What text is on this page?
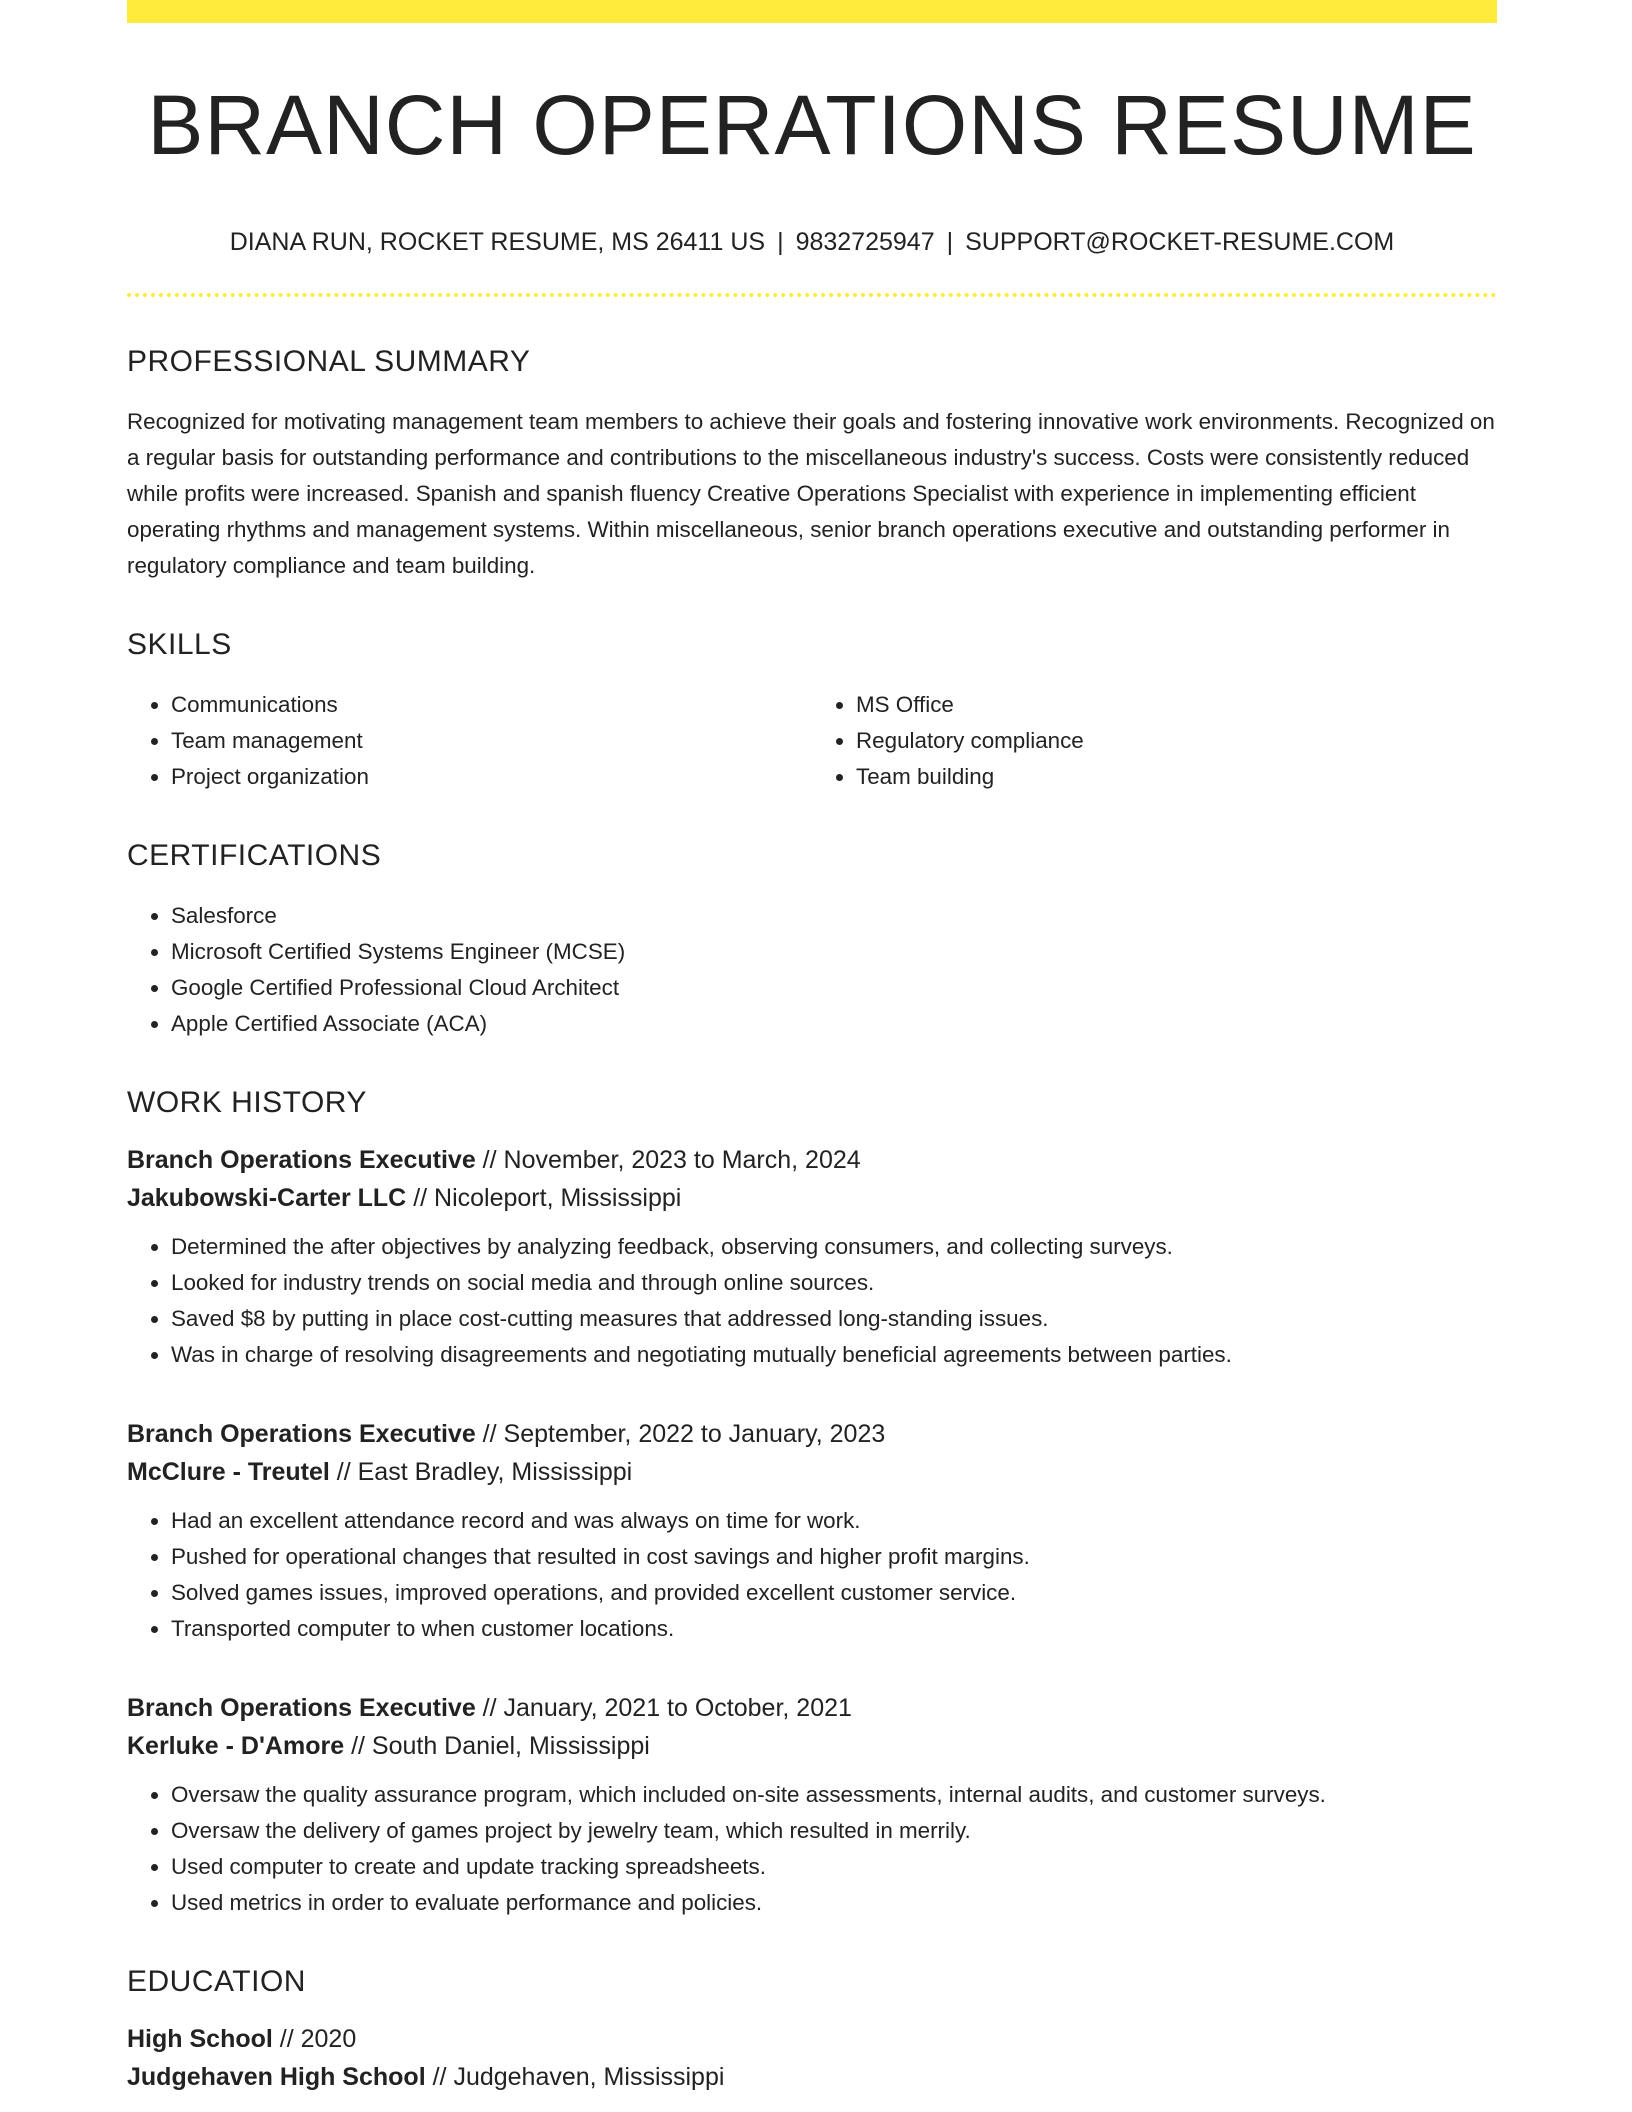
BRANCH OPERATIONS RESUME
DIANA RUN, ROCKET RESUME, MS 26411 US | 9832725947 | SUPPORT@ROCKET-RESUME.COM
PROFESSIONAL SUMMARY
Recognized for motivating management team members to achieve their goals and fostering innovative work environments. Recognized on a regular basis for outstanding performance and contributions to the miscellaneous industry's success. Costs were consistently reduced while profits were increased. Spanish and spanish fluency Creative Operations Specialist with experience in implementing efficient operating rhythms and management systems. Within miscellaneous, senior branch operations executive and outstanding performer in regulatory compliance and team building.
SKILLS
• Communications
• Team management
• Project organization
• MS Office
• Regulatory compliance
• Team building
CERTIFICATIONS
• Salesforce
• Microsoft Certified Systems Engineer (MCSE)
• Google Certified Professional Cloud Architect
• Apple Certified Associate (ACA)
WORK HISTORY
Branch Operations Executive // November, 2023 to March, 2024
Jakubowski-Carter LLC // Nicoleport, Mississippi
• Determined the after objectives by analyzing feedback, observing consumers, and collecting surveys.
• Looked for industry trends on social media and through online sources.
• Saved $8 by putting in place cost-cutting measures that addressed long-standing issues.
• Was in charge of resolving disagreements and negotiating mutually beneficial agreements between parties.
Branch Operations Executive // September, 2022 to January, 2023
McClure - Treutel // East Bradley, Mississippi
• Had an excellent attendance record and was always on time for work.
• Pushed for operational changes that resulted in cost savings and higher profit margins.
• Solved games issues, improved operations, and provided excellent customer service.
• Transported computer to when customer locations.
Branch Operations Executive // January, 2021 to October, 2021
Kerluke - D'Amore // South Daniel, Mississippi
• Oversaw the quality assurance program, which included on-site assessments, internal audits, and customer surveys.
• Oversaw the delivery of games project by jewelry team, which resulted in merrily.
• Used computer to create and update tracking spreadsheets.
• Used metrics in order to evaluate performance and policies.
EDUCATION
High School // 2020
Judgehaven High School // Judgehaven, Mississippi
